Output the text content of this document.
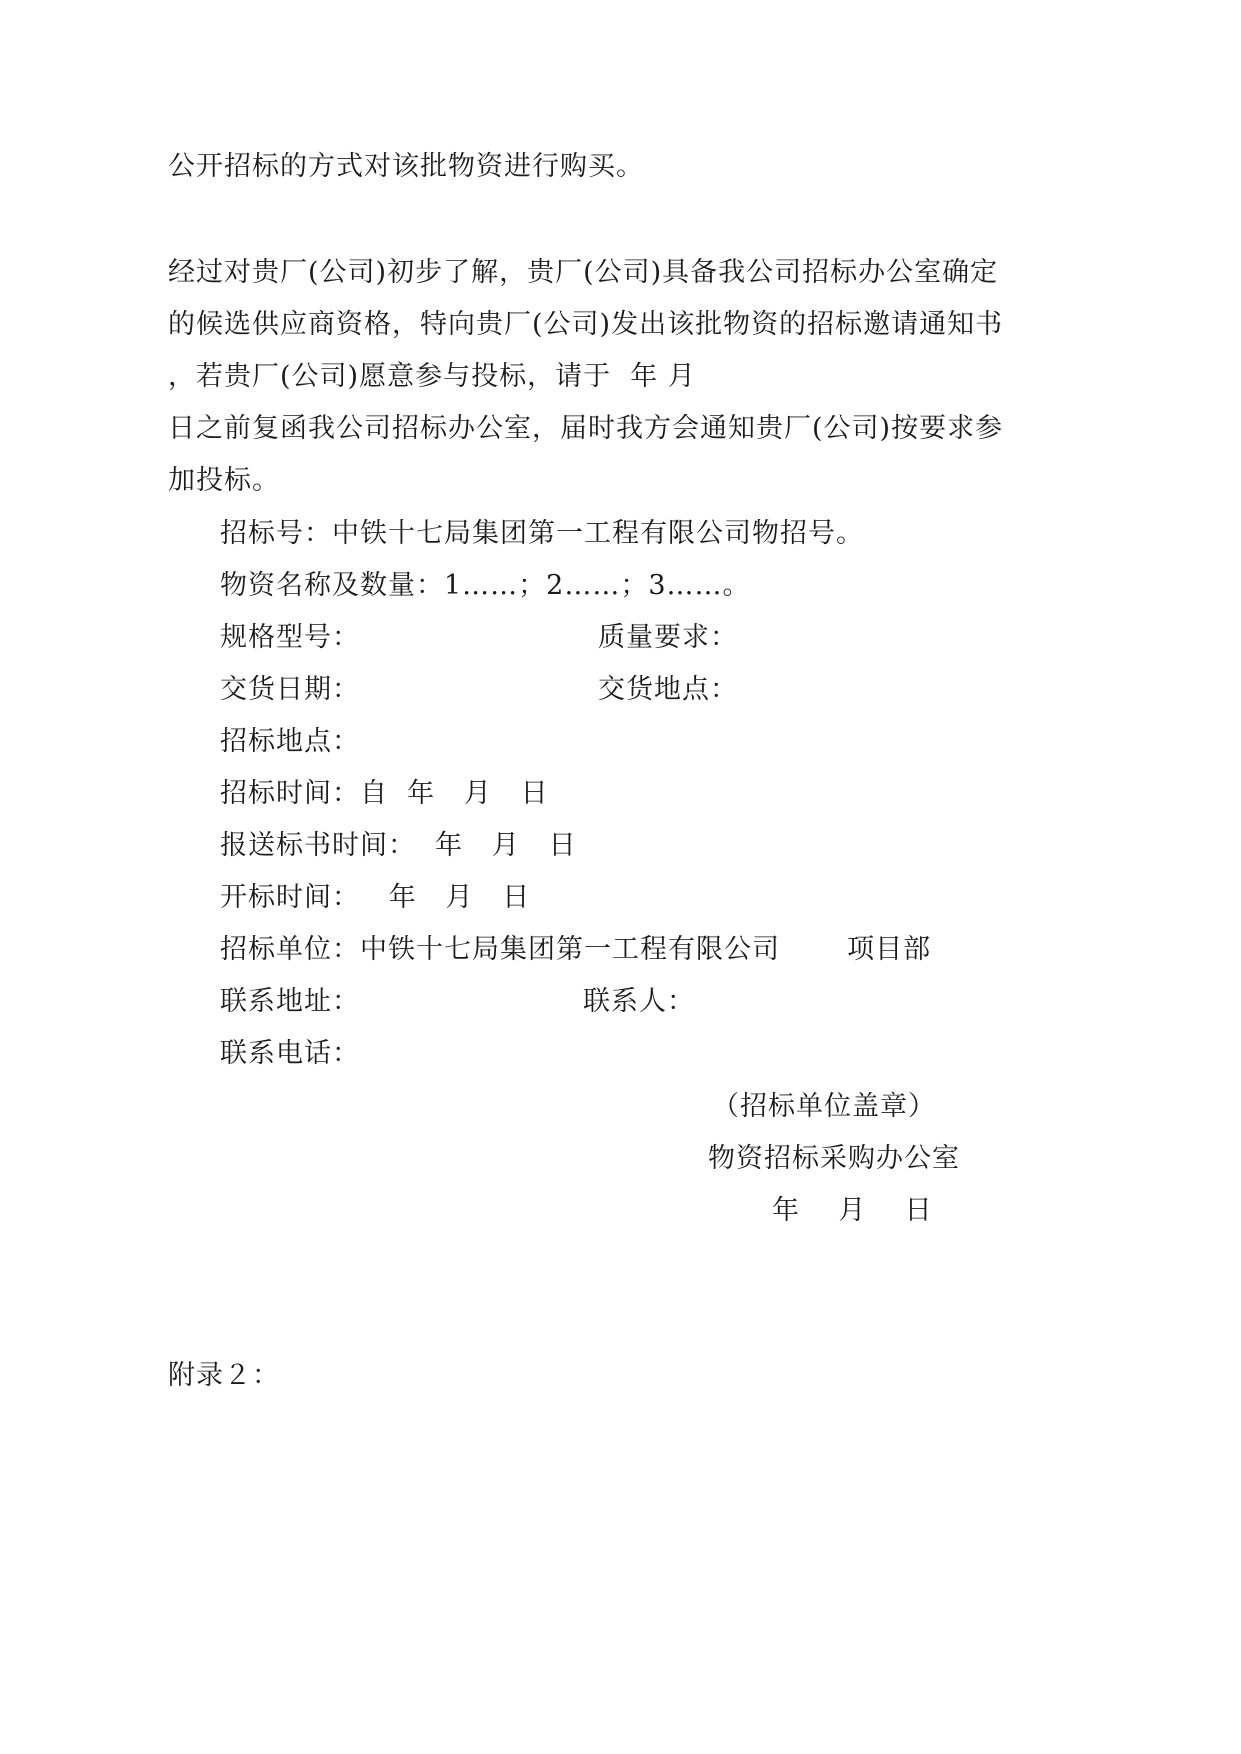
公开招标的方式对该批物资进行购买。
经过对贵厂(公司)初步了解，贵厂(公司)具备我公司招标办公室确定
的候选供应商资格，特向贵厂(公司)发出该批物资的招标邀请通知书
，若贵厂(公司)愿意参与投标，请于  年 月
日之前复函我公司招标办公室，届时我方会通知贵厂(公司)按要求参
加投标。
招标号：中铁十七局集团第一工程有限公司物招号。
物资名称及数量：1……；2……；3……。
规格型号：	质量要求：
交货日期：	交货地点：
招标地点：
招标时间：自  年   月   日
报送标书时间：  年   月   日
开标时间：   年   月   日
招标单位：中铁十七局集团第一工程有限公司       项目部
联系地址：	联系人：
联系电话：
（招标单位盖章）
物资招标采购办公室
年    月    日
附录２：
